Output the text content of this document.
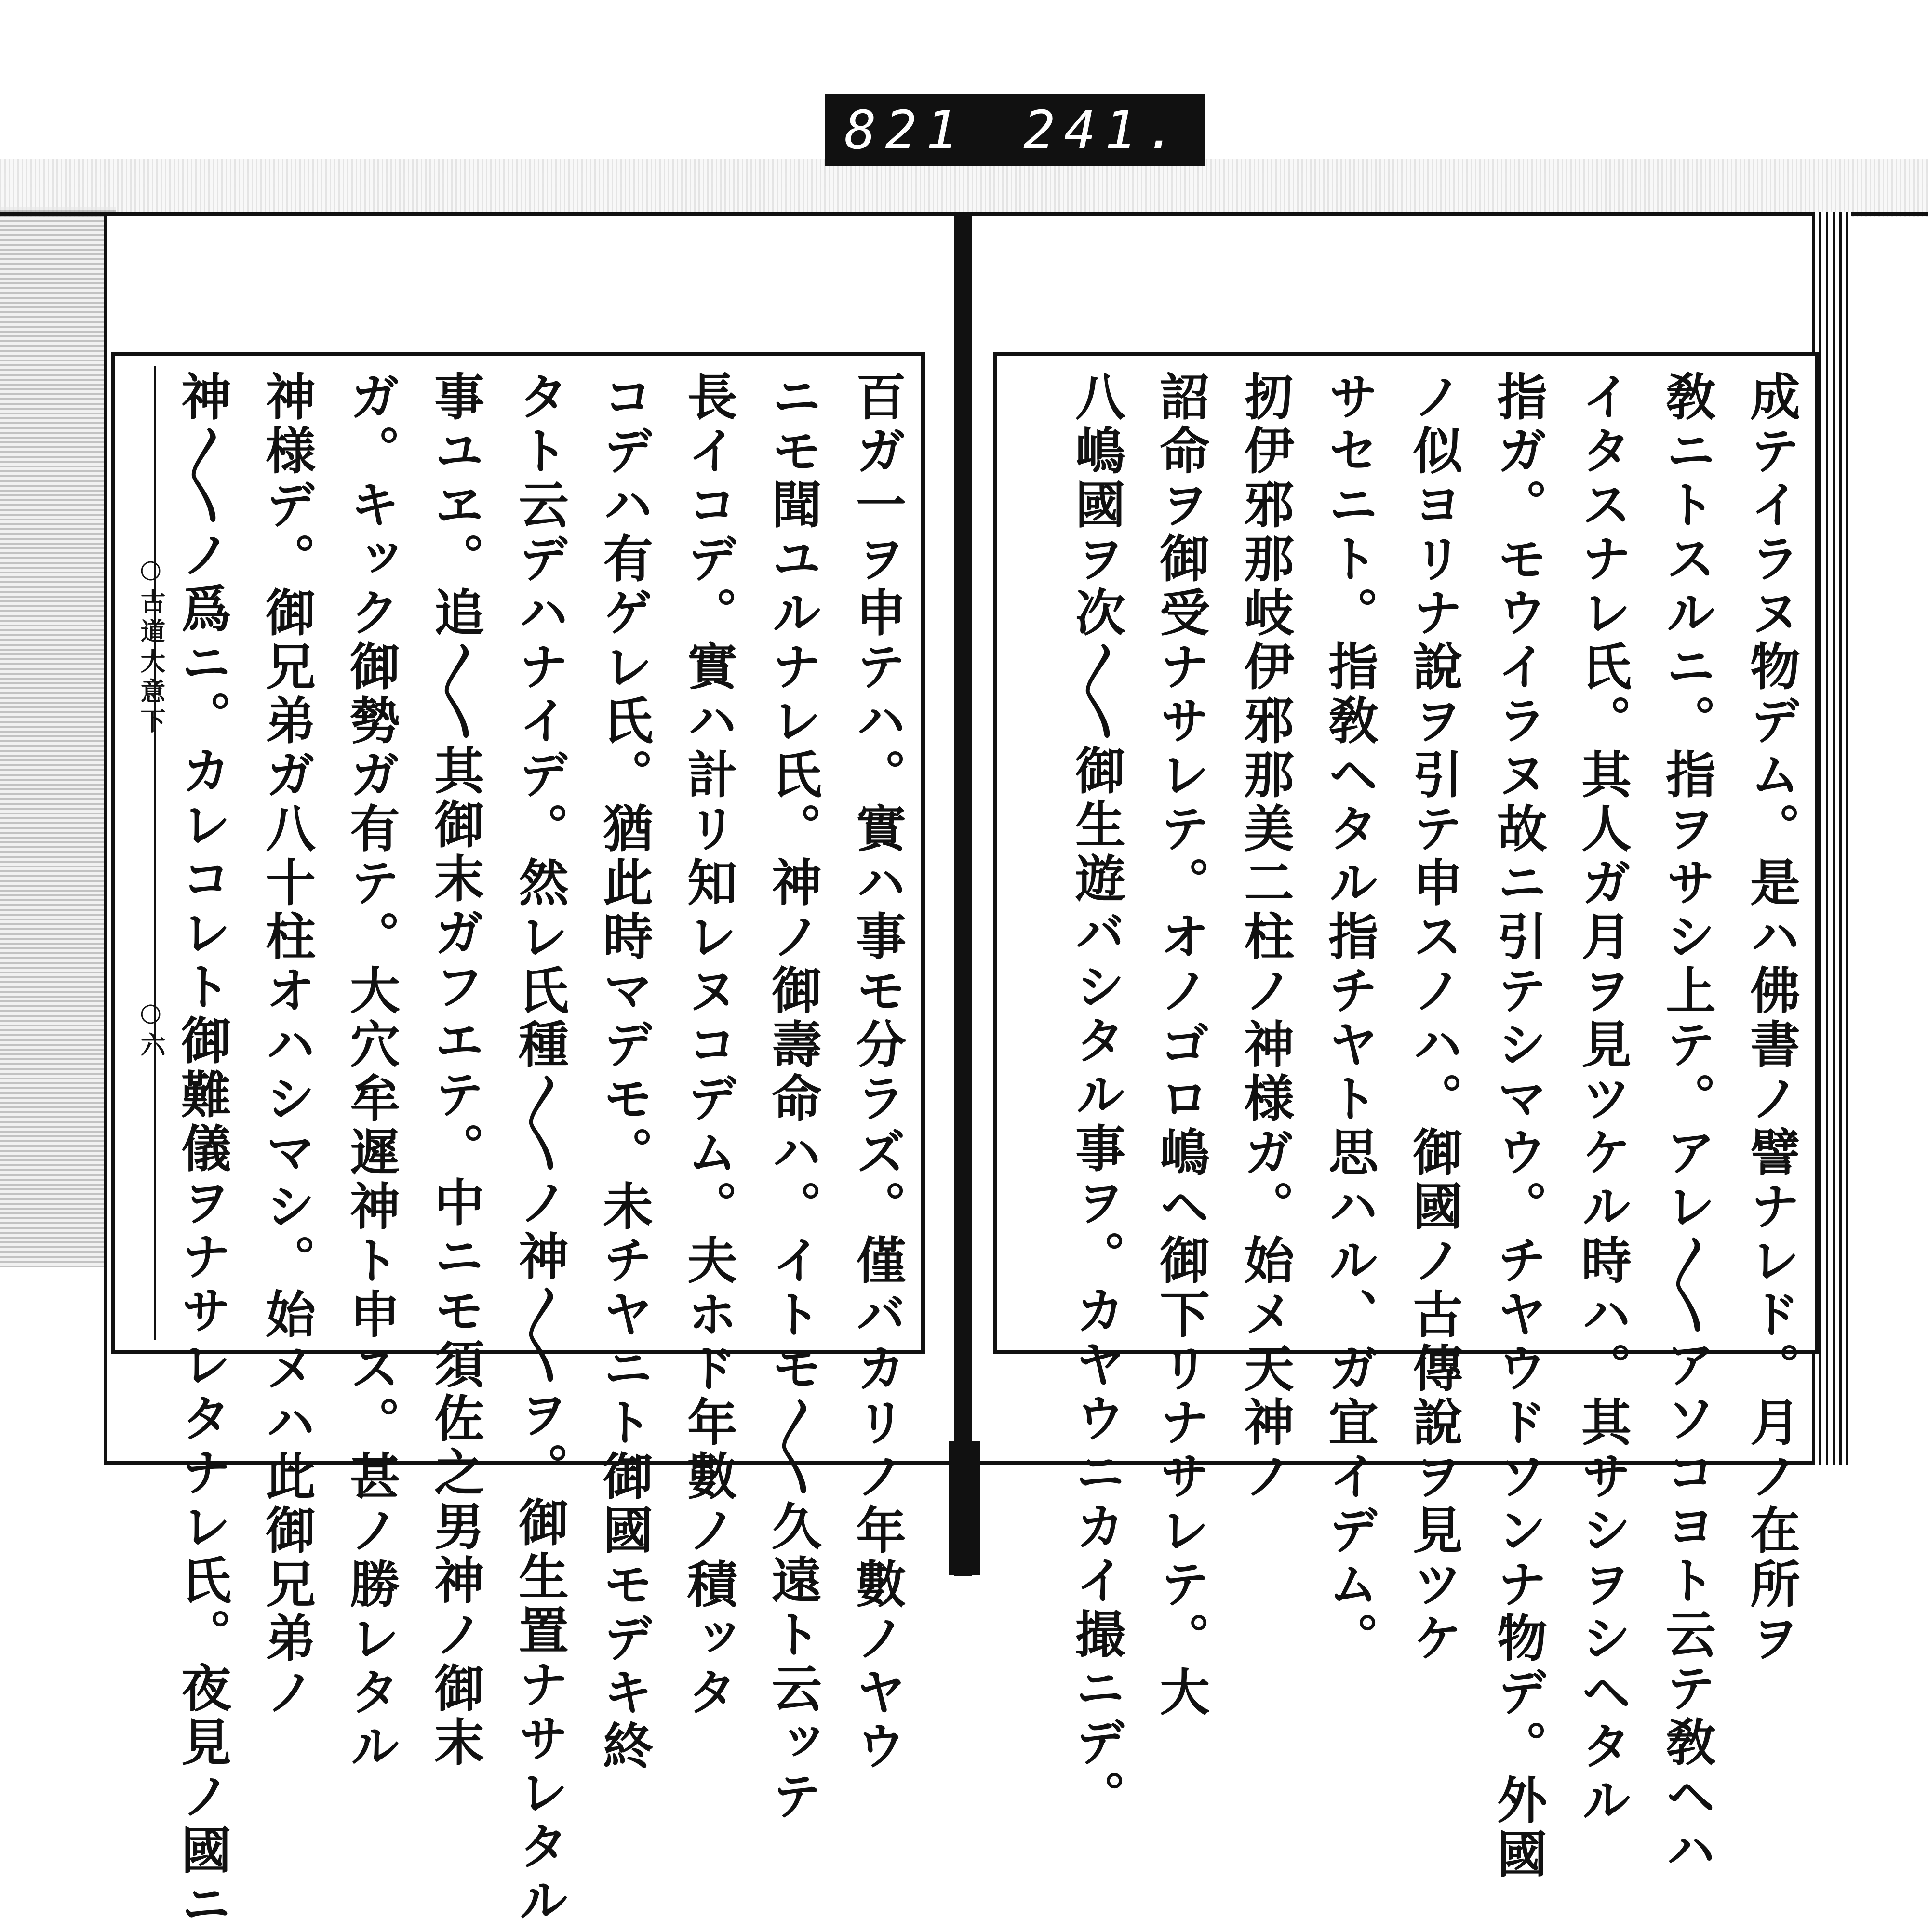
821 241.
百ガ一ヲ申テハ。實ハ事モ分ラズ。僅バカリノ年數ノヤウ
ニモ聞ユルナレ氏。神ノ御壽命ハ。イトモ〳〵久遠ト云ッテ
長イコデ。實ハ計リ知レヌコデム。夫ホド年數ノ積ッタ
コデハ有ゲレ氏。猶此時マデモ。未チヤニト御國モデキ終
タト云デハナイデ。然レ氏種〳〵ノ神〳〵ヲ。御生置ナサレタル
事ユヱ。追〳〵其御末ガフエテ。中ニモ須佐之男神ノ御末
ガ。キック御勢ガ有テ。大穴牟遲神ト申ス。甚ノ勝レタル
神様デ。御兄弟ガ八十柱オハシマシ。始メハ此御兄弟ノ
神〳〵ノ爲ニ。カレコレト御難儀ヲナサレタナレ氏。夜見ノ國ニ
○古道大意下
○六	成テイラヌ物デム。是ハ佛書ノ譬ナレド。月ノ在所ヲ
敎ニトスルニ。指ヲサシ上テ。アレ〳〵アソコヨト云テ敎ヘハ
イタスナレ氏。其人ガ月ヲ見ツケル時ハ。其サシヲシヘタル
指ガ。モウイラヌ故ニ引テシマウ。チヤウドソンナ物デ。外國
ノ似ヨリナ說ヲ引テ申スノハ。御國ノ古傳說ヲ見ツケ
サセニト。指敎ヘタル指チヤト思ハル、ガ宜イデム。
扨伊邪那岐伊邪那美二柱ノ神様ガ。始メ天神ノ
詔命ヲ御受ナサレテ。オノゴロ嶋ヘ御下リナサレテ。大
八嶋國ヲ次〳〵御生遊バシタル事ヲ。カヤウニカイ撮ニデ。
